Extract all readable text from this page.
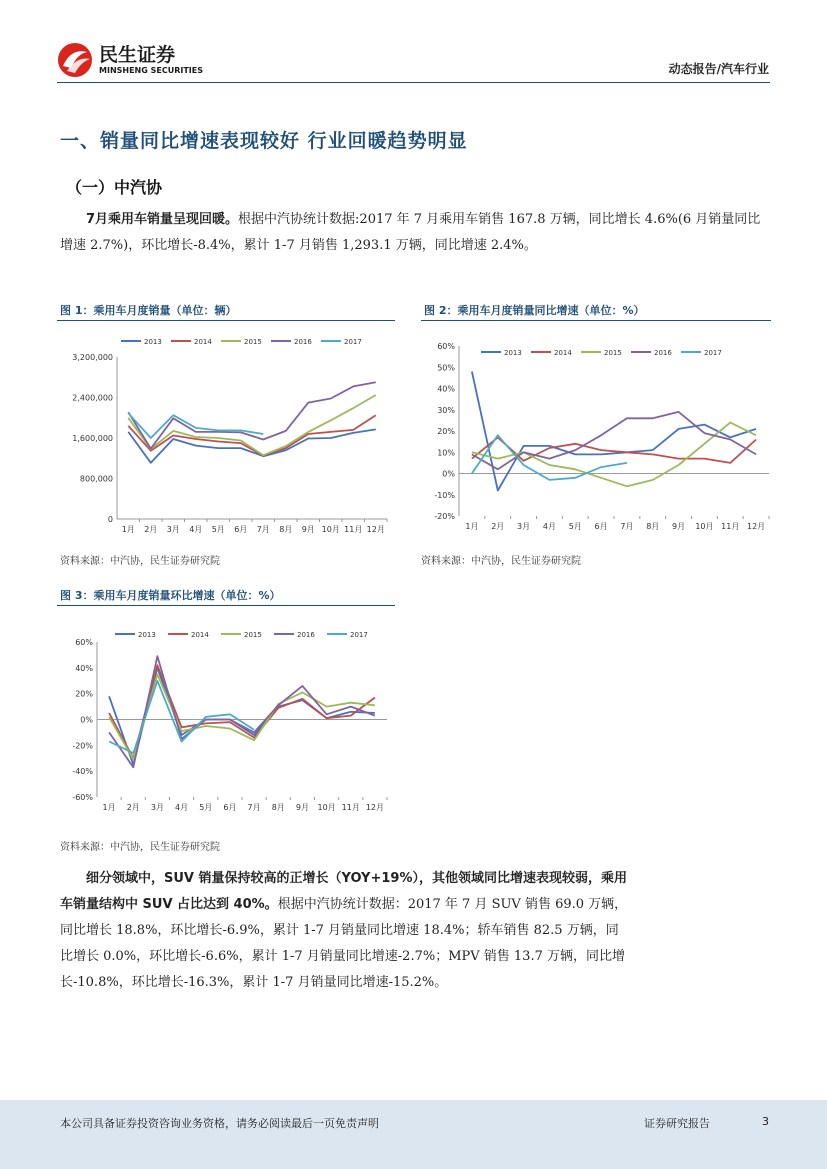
民生证券
MINSHENG SECURITIES	动态报告/汽车行业
一、销量同比增速表现较好 行业回暖趋势明显
（一）中汽协

7月乘用车销量呈现回暖。根据中汽协统计数据:2017 年 7 月乘用车销售 167.8 万辆，同比增长 4.6%(6 月销量同比增速 2.7%)，环比增长-8.4%，累计 1-7 月销售 1,293.1 万辆，同比增速 2.4%。

图 1：乘用车月度销量（单位：辆）
0
800,000
1,600,000
2,400,000
3,200,000
1月 2月 3月 4月 5月 6月 7月 8月 9月 10月 11月 12月
2013	2014	2015	2016	2017
资料来源：中汽协，民生证券研究院
图 2：乘用车月度销量同比增速（单位：%）
-20%
-10%
0%
10%
20%
30%
40%
50%
60%
1月 2月 3月 4月 5月 6月 7月 8月 9月 10月 11月 12月
2013	2014	2015	2016	2017
资料来源：中汽协，民生证券研究院
图 3：乘用车月度销量环比增速（单位：%）
-60%
-40%
-20%
0%
20%
40%
60%
1月 2月 3月 4月 5月 6月 7月 8月 9月 10月 11月 12月
2013	2014	2015	2016	2017
资料来源：中汽协，民生证券研究院

细分领域中，SUV 销量保持较高的正增长（YOY+19%），其他领域同比增速表现较弱，乘用车销量结构中 SUV 占比达到 40%。根据中汽协统计数据：2017 年 7 月 SUV 销售 69.0 万辆，同比增长 18.8%，环比增长-6.9%，累计 1-7 月销量同比增速 18.4%；轿车销售 82.5 万辆，同比增长 0.0%，环比增长-6.6%，累计 1-7 月销量同比增速-2.7%；MPV 销售 13.7 万辆，同比增长-10.8%，环比增长-16.3%，累计 1-7 月销量同比增速-15.2%。

本公司具备证券投资咨询业务资格，请务必阅读最后一页免责声明	证券研究报告	3
